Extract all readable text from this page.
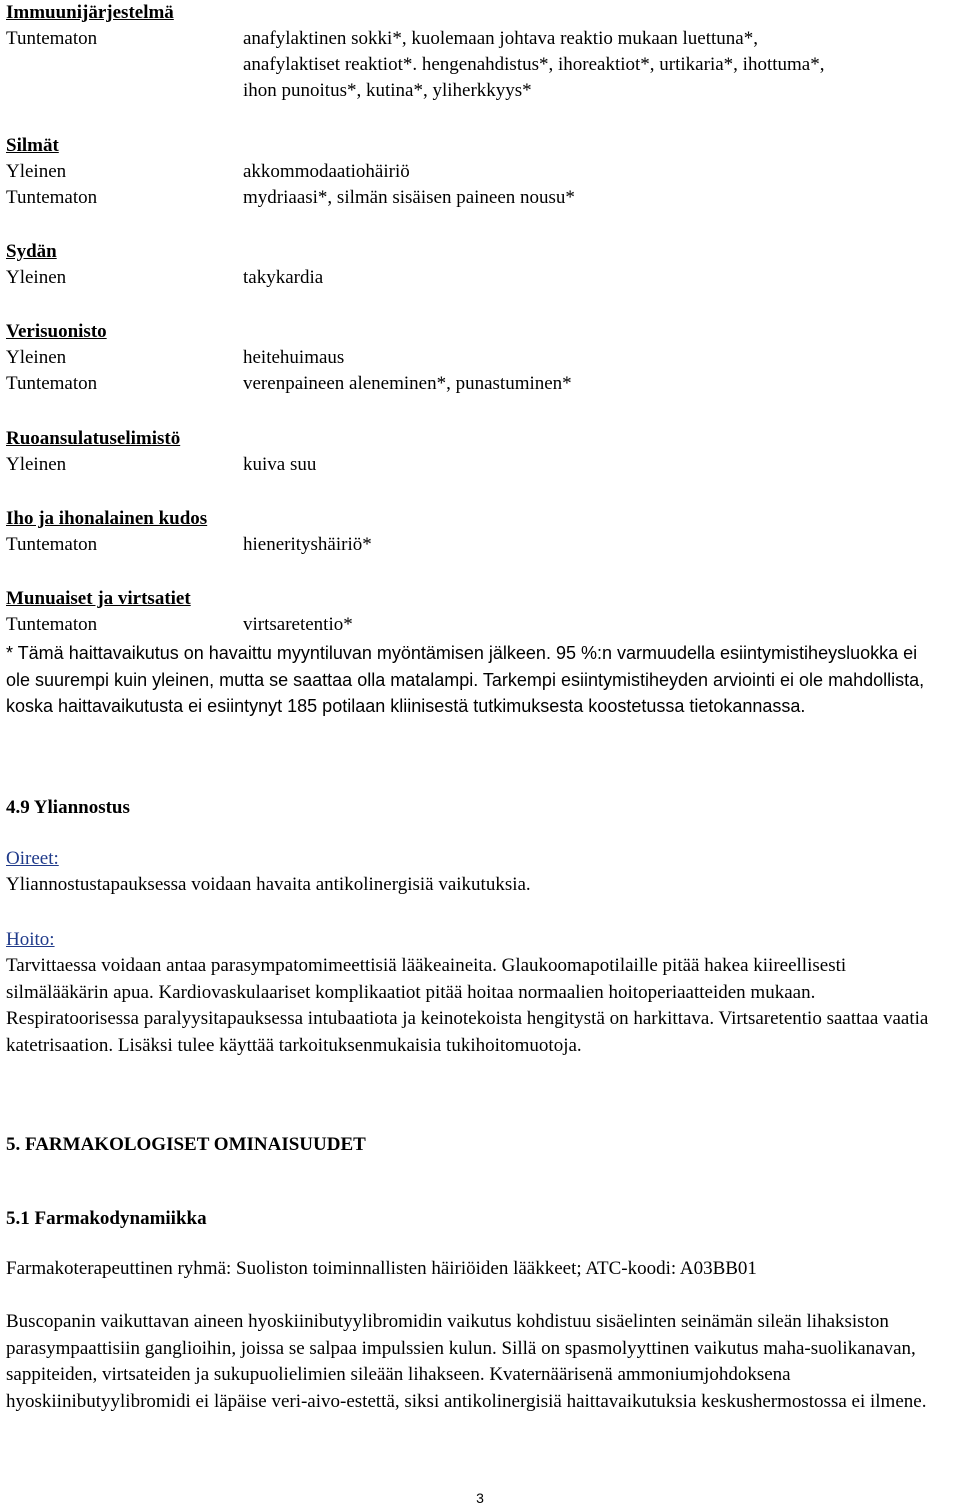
Immuunijärjestelmä
Tuntematon	anafylaktinen sokki*, kuolemaan johtava reaktio mukaan luettuna*,
anafylaktiset reaktiot*. hengenahdistus*, ihoreaktiot*, urtikaria*, ihottuma*,
ihon punoitus*, kutina*, yliherkkyys*
Silmät
Yleinen	akkommodaatiohäiriö
Tuntematon	mydriaasi*, silmän sisäisen paineen nousu*
Sydän
Yleinen	takykardia
Verisuonisto
Yleinen	heitehuimaus
Tuntematon	verenpaineen aleneminen*, punastuminen*
Ruoansulatuselimistö
Yleinen	kuiva suu
Iho ja ihonalainen kudos
Tuntematon	hienerityshäiriö*
Munuaiset ja virtsatiet
Tuntematon	virtsaretentio*
* Tämä haittavaikutus on havaittu myyntiluvan myöntämisen jälkeen. 95 %:n varmuudella esiintymistiheysluokka ei ole suurempi kuin yleinen, mutta se saattaa olla matalampi. Tarkempi esiintymistiheyden arviointi ei ole mahdollista, koska haittavaikutusta ei esiintynyt 185 potilaan kliinisestä tutkimuksesta koostetussa tietokannassa.
4.9 Yliannostus
Oireet:
Yliannostustapauksessa voidaan havaita antikolinergisiä vaikutuksia.
Hoito:
Tarvittaessa voidaan antaa parasympatomimeettisiä lääkeaineita. Glaukoomapotilaille pitää hakea kiireellisesti silmälääkärin apua. Kardiovaskulaariset komplikaatiot pitää hoitaa normaalien hoitoperiaatteiden mukaan. Respiratoorisessa paralyysitapauksessa intubaatiota ja keinotekoista hengitystä on harkittava. Virtsaretentio saattaa vaatia katetrisaation. Lisäksi tulee käyttää tarkoituksenmukaisia tukihoitomuotoja.
5. FARMAKOLOGISET OMINAISUUDET
5.1 Farmakodynamiikka
Farmakoterapeuttinen ryhmä: Suoliston toiminnallisten häiriöiden lääkkeet; ATC-koodi: A03BB01
Buscopanin vaikuttavan aineen hyoskiinibutyylibromidin vaikutus kohdistuu sisäelinten seinämän sileän lihaksiston parasympaattisiin ganglioihin, joissa se salpaa impulssien kulun. Sillä on spasmolyyttinen vaikutus maha-suolikanavan, sappiteiden, virtsateiden ja sukupuolielimien sileään lihakseen. Kvaternäärisenä ammoniumjohdoksena hyoskiinibutyylibromidi ei läpäise veri-aivo-estettä, siksi antikolinergisiä haittavaikutuksia keskushermostossa ei ilmene.
3
